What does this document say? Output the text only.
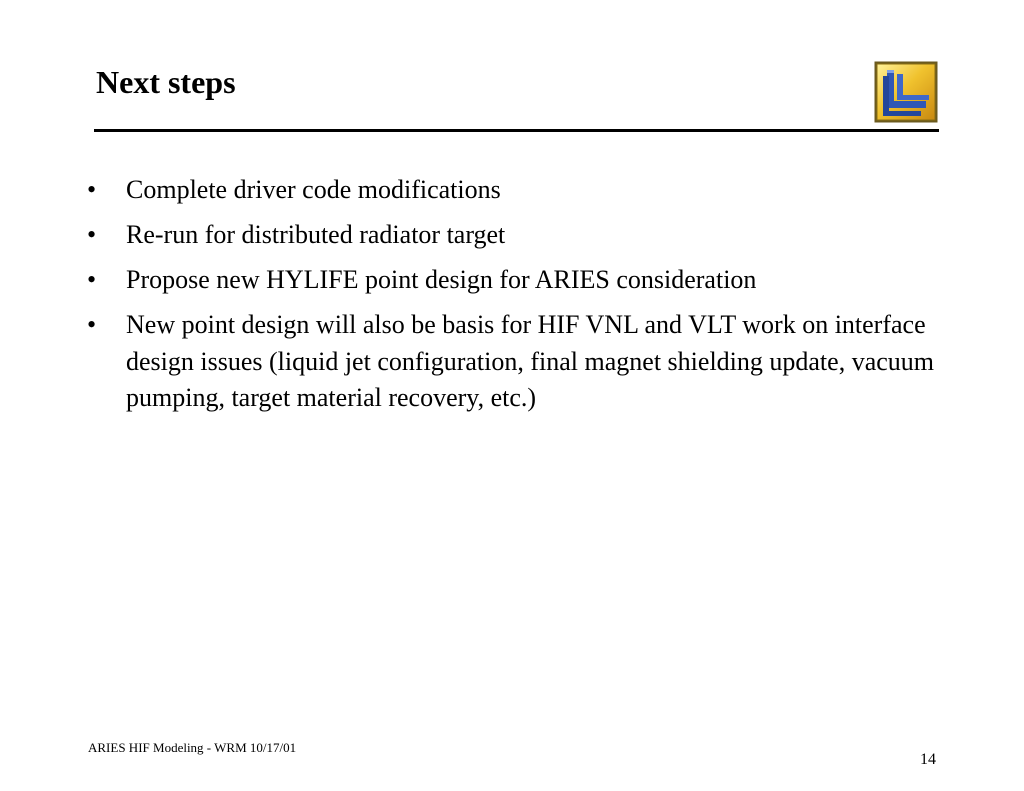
Next steps
• Complete driver code modifications
• Re-run for distributed radiator target
• Propose new HYLIFE point design for ARIES consideration
• New point design will also be basis for HIF VNL and VLT work on interface design issues (liquid jet configuration, final magnet shielding update, vacuum pumping, target material recovery, etc.)
ARIES HIF Modeling - WRM 10/17/01
14
